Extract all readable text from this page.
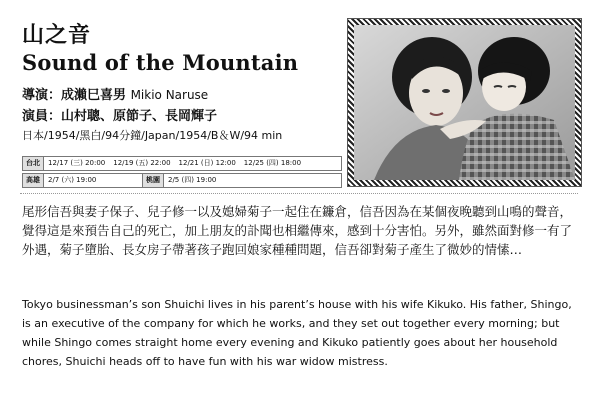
山之音
Sound of the Mountain
導演：成瀨巳喜男 Mikio Naruse
演員：山村聰、原節子、長岡輝子
日本/1954/黑白/94分鐘/Japan/1954/B＆W/94 min
台北	12/17 (三) 20:00	12/19 (五) 22:00	12/21 (日) 12:00	12/25 (四) 18:00
高雄	2/7 (六) 19:00	桃園	2/5 (四) 19:00
尾形信吾與妻子保子、兒子修一以及媳婦菊子一起住在鐮倉，信吾因為在某個夜晚聽到山鳴的聲音，覺得這是來預告自己的死亡，加上朋友的訃聞也相繼傳來，感到十分害怕。另外，雖然面對修一有了外遇，菊子墮胎、長女房子帶著孩子跑回娘家種種問題，信吾卻對菊子產生了微妙的情愫…
Tokyo businessman’s son Shuichi lives in his parent’s house with his wife Kikuko. His father, Shingo, is an executive of the company for which he works, and they set out together every morning; but while Shingo comes straight home every evening and Kikuko patiently goes about her household chores, Shuichi heads off to have fun with his war widow mistress.
